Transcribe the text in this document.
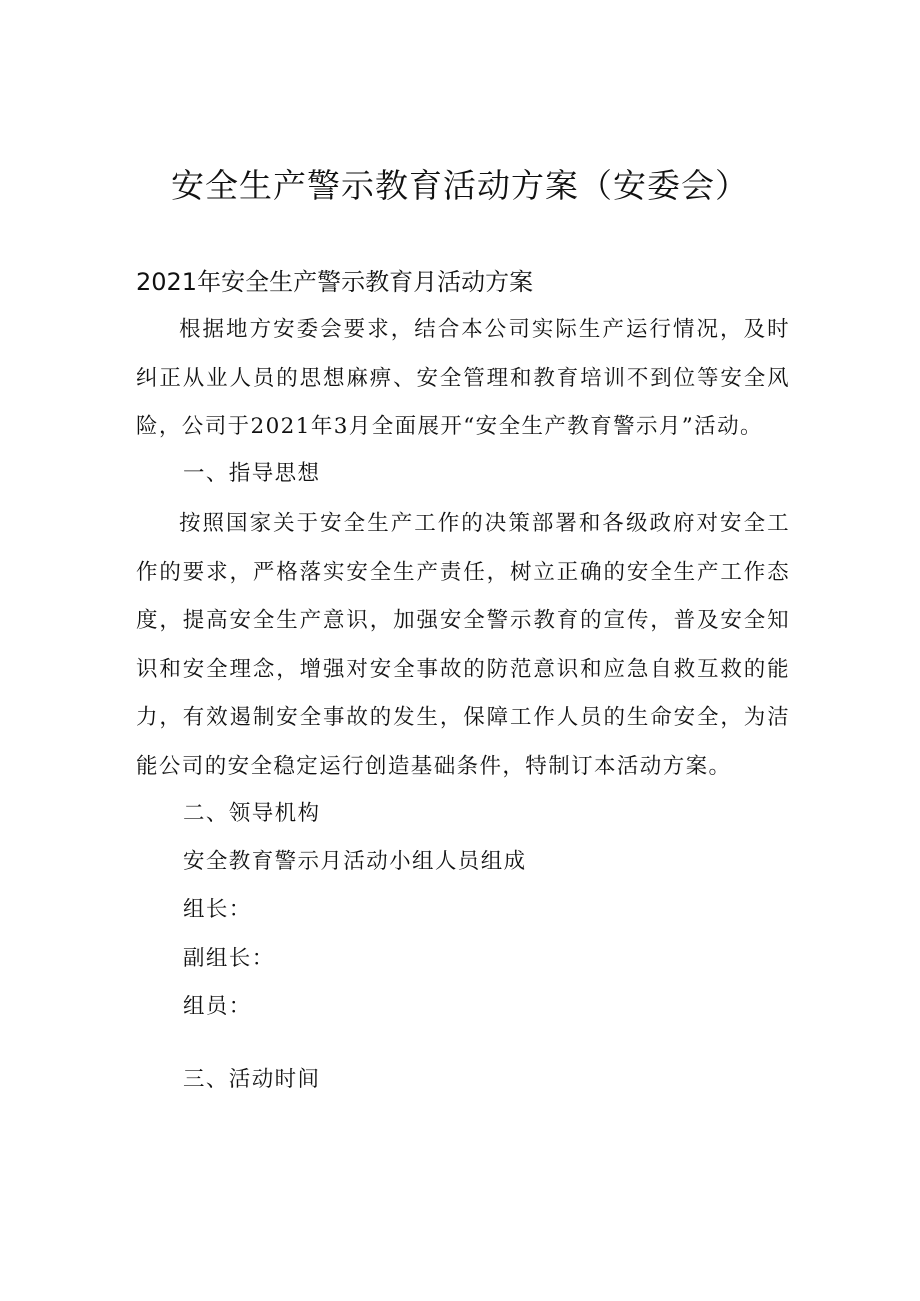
安全生产警示教育活动方案（安委会）
2021年安全生产警示教育月活动方案
根据地方安委会要求，结合本公司实际生产运行情况，及时纠正从业人员的思想麻痹、安全管理和教育培训不到位等安全风险，公司于2021年3月全面展开“安全生产教育警示月”活动。
一、指导思想
按照国家关于安全生产工作的决策部署和各级政府对安全工作的要求，严格落实安全生产责任，树立正确的安全生产工作态度，提高安全生产意识，加强安全警示教育的宣传，普及安全知识和安全理念，增强对安全事故的防范意识和应急自救互救的能力，有效遏制安全事故的发生，保障工作人员的生命安全，为洁能公司的安全稳定运行创造基础条件，特制订本活动方案。
二、领导机构
安全教育警示月活动小组人员组成
组长：
副组长：
组员：
三、活动时间
